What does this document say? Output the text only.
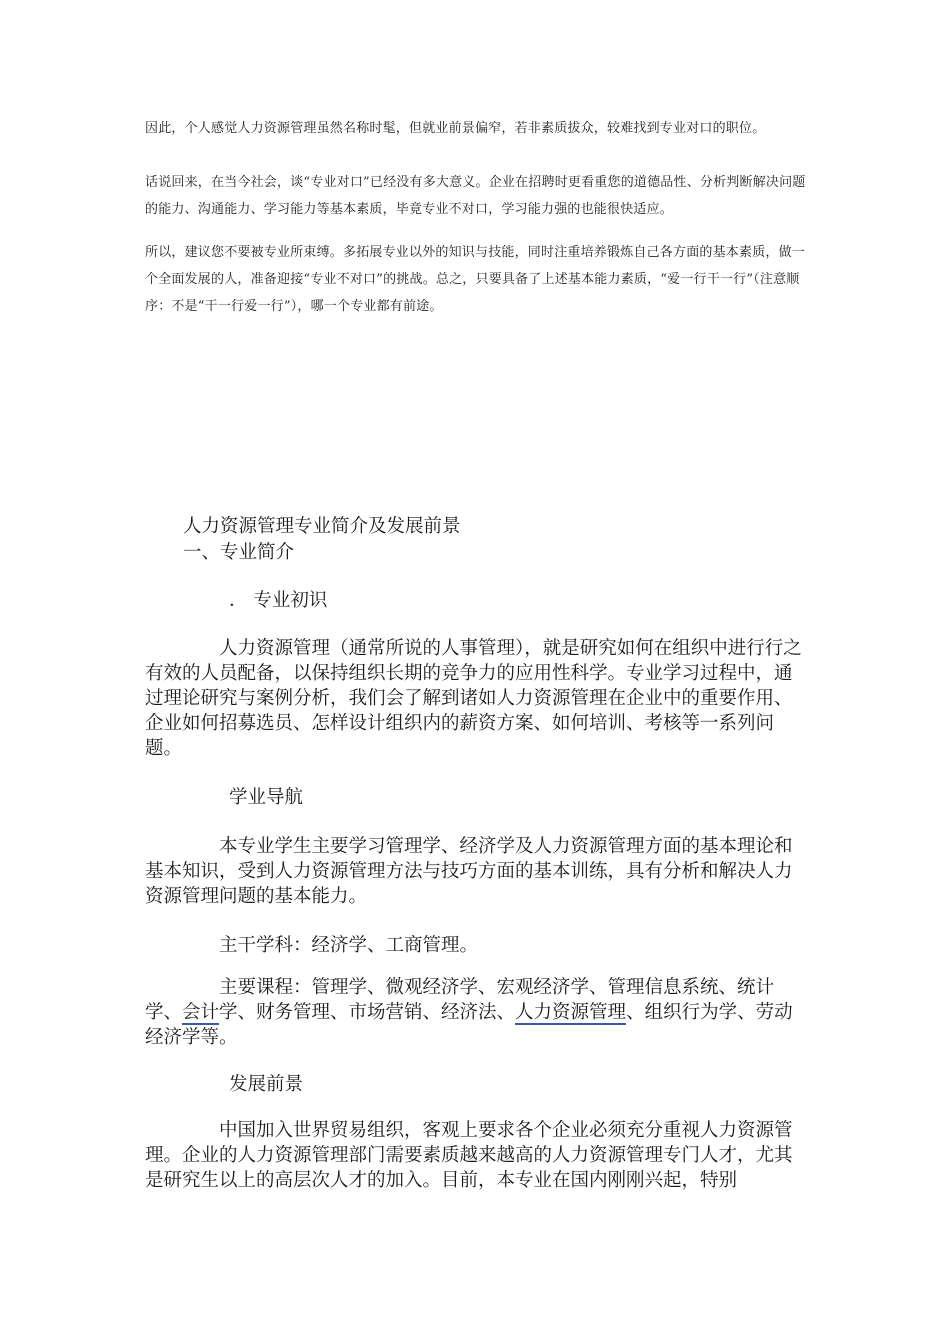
因此，个人感觉人力资源管理虽然名称时髦，但就业前景偏窄，若非素质拔众，较难找到专业对口的职位。

话说回来，在当今社会，谈“专业对口”已经没有多大意义。企业在招聘时更看重您的道德品性、分析判断解决问题的能力、沟通能力、学习能力等基本素质，毕竟专业不对口，学习能力强的也能很快适应。

所以，建议您不要被专业所束缚。多拓展专业以外的知识与技能，同时注重培养锻炼自己各方面的基本素质，做一个全面发展的人，准备迎接“专业不对口”的挑战。总之，只要具备了上述基本能力素质，“爱一行干一行”（注意顺序：不是“干一行爱一行”），哪一个专业都有前途。

人力资源管理专业简介及发展前景
一、专业简介
． 专业初识

人力资源管理（通常所说的人事管理），就是研究如何在组织中进行行之有效的人员配备，以保持组织长期的竞争力的应用性科学。专业学习过程中，通过理论研究与案例分析，我们会了解到诸如人力资源管理在企业中的重要作用、企业如何招募选员、怎样设计组织内的薪资方案、如何培训、考核等一系列问题。

学业导航

本专业学生主要学习管理学、经济学及人力资源管理方面的基本理论和基本知识，受到人力资源管理方法与技巧方面的基本训练，具有分析和解决人力资源管理问题的基本能力。

主干学科：经济学、工商管理。

主要课程：管理学、微观经济学、宏观经济学、管理信息系统、统计学、会计学、财务管理、市场营销、经济法、人力资源管理、组织行为学、劳动经济学等。

发展前景

中国加入世界贸易组织，客观上要求各个企业必须充分重视人力资源管理。企业的人力资源管理部门需要素质越来越高的人力资源管理专门人才，尤其是研究生以上的高层次人才的加入。目前，本专业在国内刚刚兴起，特别
